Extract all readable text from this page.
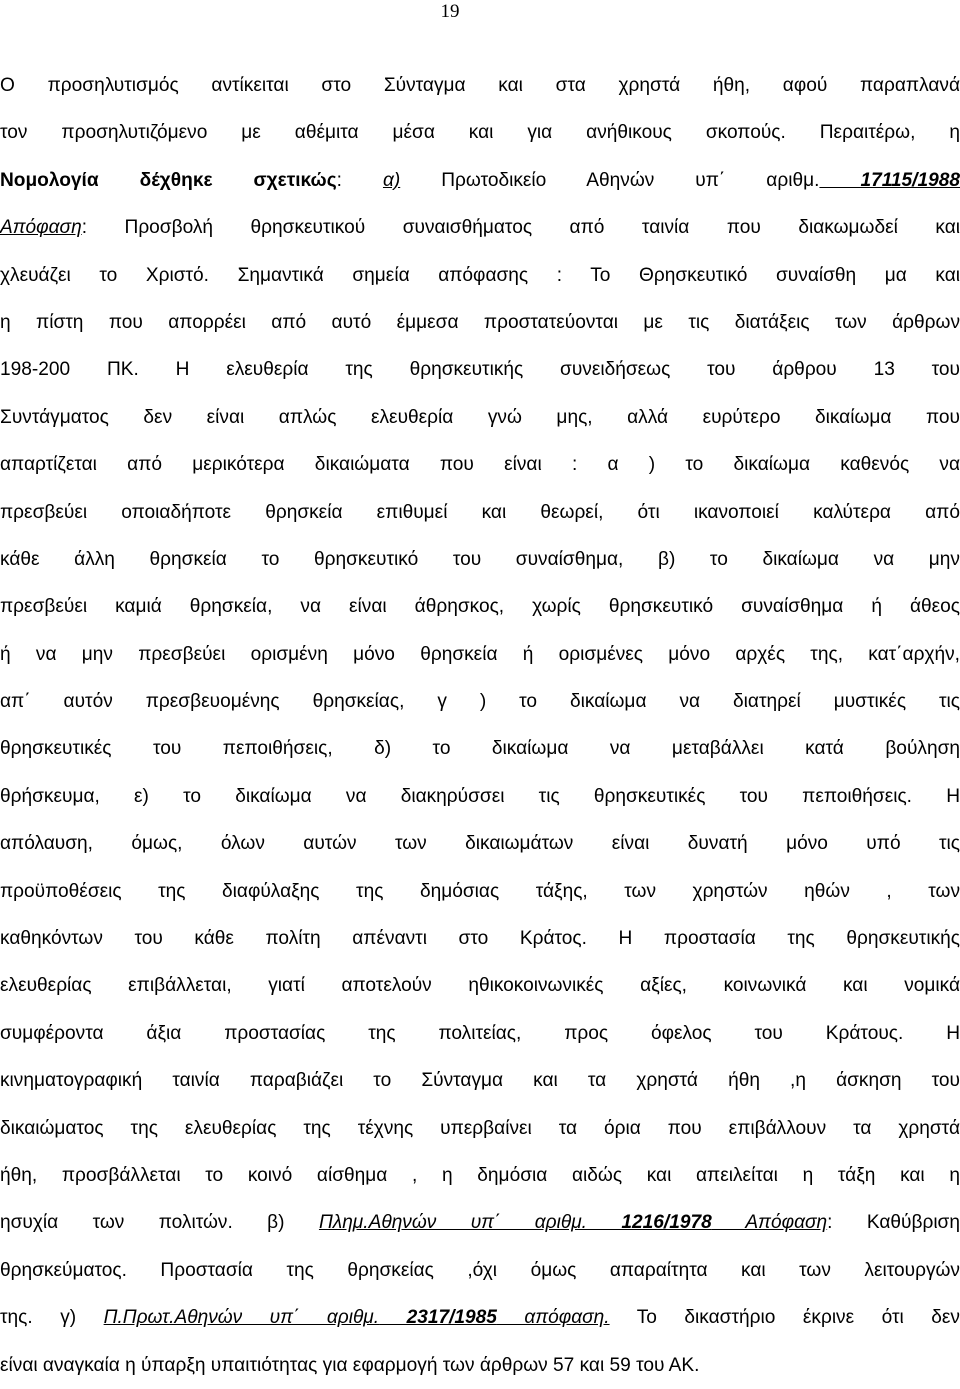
19
Ο προσηλυτισμός αντίκειται στο Σύνταγμα και στα χρηστά ήθη, αφού παραπλανά
τον προσηλυτιζόμενο με αθέμιτα μέσα και για ανήθικους σκοπούς. Περαιτέρω, η
Νομολογία δέχθηκε σχετικώς: α) Πρωτοδικείο Αθηνών υπ΄ αριθμ. 17115/1988
Απόφαση: Προσβολή θρησκευτικού συναισθήματος από ταινία που διακωμωδεί και
χλευάζει το Χριστό. Σημαντικά σημεία απόφασης : Το Θρησκευτικό συναίσθη μα και
η πίστη που απορρέει από αυτό έμμεσα προστατεύονται με τις διατάξεις των άρθρων
198-200 ΠΚ. Η ελευθερία της θρησκευτικής συνειδήσεως του άρθρου 13 του
Συντάγματος δεν είναι απλώς ελευθερία γνώ μης, αλλά ευρύτερο δικαίωμα που
απαρτίζεται από μερικότερα δικαιώματα που είναι : α ) το δικαίωμα καθενός να
πρεσβεύει οποιαδήποτε θρησκεία επιθυμεί και θεωρεί, ότι ικανοποιεί καλύτερα από
κάθε άλλη θρησκεία το θρησκευτικό του συναίσθημα, β) το δικαίωμα να μην
πρεσβεύει καμιά θρησκεία, να είναι άθρησκος, χωρίς θρησκευτικό συναίσθημα ή άθεος
ή να μην πρεσβεύει ορισμένη μόνο θρησκεία ή ορισμένες μόνο αρχές της, κατ΄αρχήν,
απ΄ αυτόν πρεσβευομένης θρησκείας, γ ) το δικαίωμα να διατηρεί μυστικές τις
θρησκευτικές του πεποιθήσεις, δ) το δικαίωμα να μεταβάλλει κατά βούληση
θρήσκευμα, ε) το δικαίωμα να διακηρύσσει τις θρησκευτικές του πεποιθήσεις. Η
απόλαυση, όμως, όλων αυτών των δικαιωμάτων είναι δυνατή μόνο υπό τις
προϋποθέσεις της διαφύλαξης της δημόσιας τάξης, των χρηστών ηθών , των
καθηκόντων του κάθε πολίτη απέναντι στο Κράτος. Η προστασία της θρησκευτικής
ελευθερίας επιβάλλεται, γιατί αποτελούν ηθικοκοινωνικές αξίες, κοινωνικά και νομικά
συμφέροντα άξια προστασίας της πολιτείας, προς όφελος του Κράτους. Η
κινηματογραφική ταινία παραβιάζει το Σύνταγμα και τα χρηστά ήθη ,η άσκηση του
δικαιώματος της ελευθερίας της τέχνης υπερβαίνει τα όρια που επιβάλλουν τα χρηστά
ήθη, προσβάλλεται το κοινό αίσθημα , η δημόσια αιδώς και απειλείται η τάξη και η
ησυχία των πολιτών. β) Πλημ.Αθηνών υπ΄ αριθμ. 1216/1978 Απόφαση: Καθύβριση
θρησκεύματος. Προστασία της θρησκείας ,όχι όμως απαραίτητα και των λειτουργών
της. γ) Π.Πρωτ.Αθηνών υπ΄ αριθμ. 2317/1985 απόφαση. Το δικαστήριο έκρινε ότι δεν
είναι αναγκαία η ύπαρξη υπαιτιότητας για εφαρμογή των άρθρων 57 και 59 του ΑΚ.
